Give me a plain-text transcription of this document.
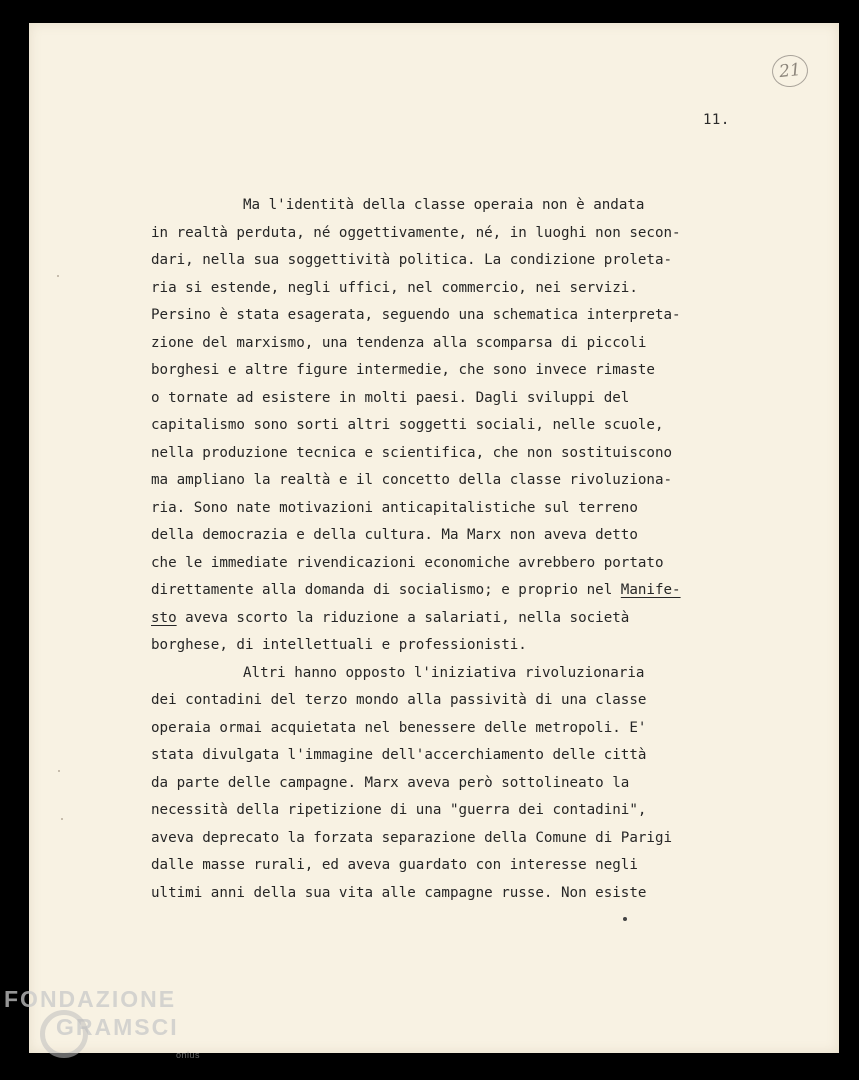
21
11.
Ma l'identità della classe operaia non è andata
in realtà perduta, né oggettivamente, né, in luoghi non secon-
dari, nella sua soggettività politica. La condizione proleta-
ria si estende, negli uffici, nel commercio, nei servizi.
Persino è stata esagerata, seguendo una schematica interpreta-
zione del marxismo, una tendenza alla scomparsa di piccoli
borghesi e altre figure intermedie, che sono invece rimaste
o tornate ad esistere in molti paesi. Dagli sviluppi del
capitalismo sono sorti altri soggetti sociali, nelle scuole,
nella produzione tecnica e scientifica, che non sostituiscono
ma ampliano la realtà e il concetto della classe rivoluziona-
ria. Sono nate motivazioni anticapitalistiche sul terreno
della democrazia e della cultura. Ma Marx non aveva detto
che le immediate rivendicazioni economiche avrebbero portato
direttamente alla domanda di socialismo; e proprio nel Manife-
sto aveva scorto la riduzione a salariati, nella società
borghese, di intellettuali e professionisti.
Altri hanno opposto l'iniziativa rivoluzionaria
dei contadini del terzo mondo alla passività di una classe
operaia ormai acquietata nel benessere delle metropoli. E'
stata divulgata l'immagine dell'accerchiamento delle città
da parte delle campagne. Marx aveva però sottolineato la
necessità della ripetizione di una "guerra dei contadini",
aveva deprecato la forzata separazione della Comune di Parigi
dalle masse rurali, ed aveva guardato con interesse negli
ultimi anni della sua vita alle campagne russe. Non esiste
FONDAZIONE
GRAMSCI
onlus
